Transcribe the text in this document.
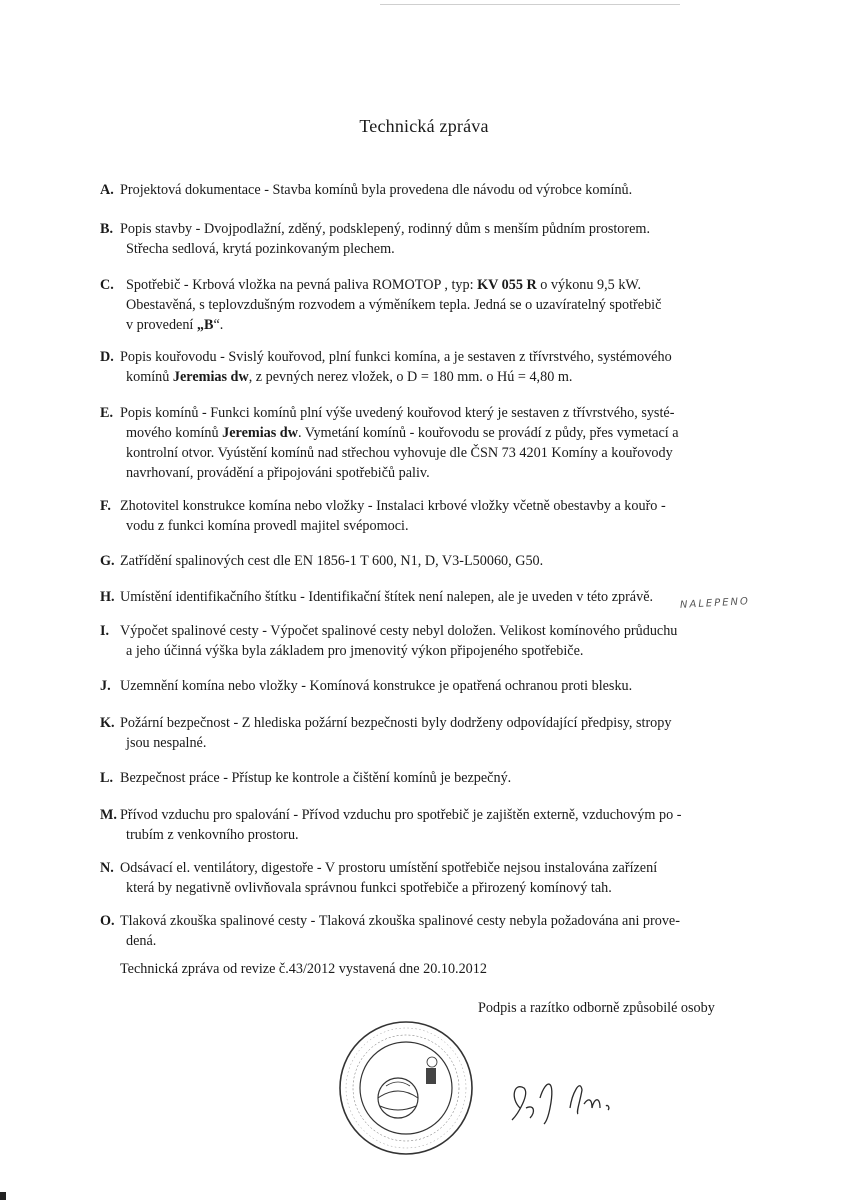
Technická zpráva
A. Projektová dokumentace - Stavba komínů byla provedena dle návodu od výrobce komínů.
B. Popis stavby - Dvojpodlažní, zděný, podsklepený, rodinný dům s menším půdním prostorem.
Střecha sedlová, krytá pozinkovaným plechem.
C. Spotřebič - Krbová vložka na pevná paliva ROMOTOP , typ: KV 055 R o výkonu 9,5 kW.
Obestavěná, s teplovzdušným rozvodem a výměníkem tepla. Jedná se o uzavíratelný spotřebič
v provedení „B“.
D. Popis kouřovodu - Svislý kouřovod, plní funkci komína, a je sestaven z třívrstvého, systémového
komínů Jeremias dw, z pevných nerez vložek, o D = 180 mm. o Hú = 4,80 m.
E. Popis komínů - Funkci komínů plní výše uvedený kouřovod který je sestaven z třívrstvého, systé-
mového komínů Jeremias dw. Vymetání komínů - kouřovodu se provádí z půdy, přes vymetací a
kontrolní otvor. Vyústění komínů nad střechou vyhovuje dle ČSN 73 4201 Komíny a kouřovody
navrhovaní, provádění a připojováni spotřebičů paliv.
F. Zhotovitel konstrukce komína nebo vložky - Instalaci krbové vložky včetně obestavby a kouřo -
vodu z funkci komína provedl majitel svépomoci.
G. Zatřídění spalinových cest dle EN 1856-1 T 600, N1, D, V3-L50060, G50.
H. Umístění identifikačního štítku - Identifikační štítek není nalepen, ale je uveden v této zprávě.	NALEPENO
I. Výpočet spalinové cesty - Výpočet spalinové cesty nebyl doložen. Velikost komínového průduchu
a jeho účinná výška byla základem pro jmenovitý výkon připojeného spotřebiče.
J. Uzemnění komína nebo vložky - Komínová konstrukce je opatřená ochranou proti blesku.
K. Požární bezpečnost - Z hlediska požární bezpečnosti byly dodrženy odpovídající předpisy, stropy
jsou nespalné.
L. Bezpečnost práce - Přístup ke kontrole a čištění komínů je bezpečný.
M. Přívod vzduchu pro spalování - Přívod vzduchu pro spotřebič je zajištěn externě, vzduchovým po -
trubím z venkovního prostoru.
N. Odsávací el. ventilátory, digestoře - V prostoru umístění spotřebiče nejsou instalována zařízení
která by negativně ovlivňovala správnou funkci spotřebiče a přirozený komínový tah.
O. Tlaková zkouška spalinové cesty - Tlaková zkouška spalinové cesty nebyla požadována ani prove-
dená.
Technická zpráva od revize č.43/2012 vystavená dne 20.10.2012
Podpis a razítko odborně způsobilé osoby
